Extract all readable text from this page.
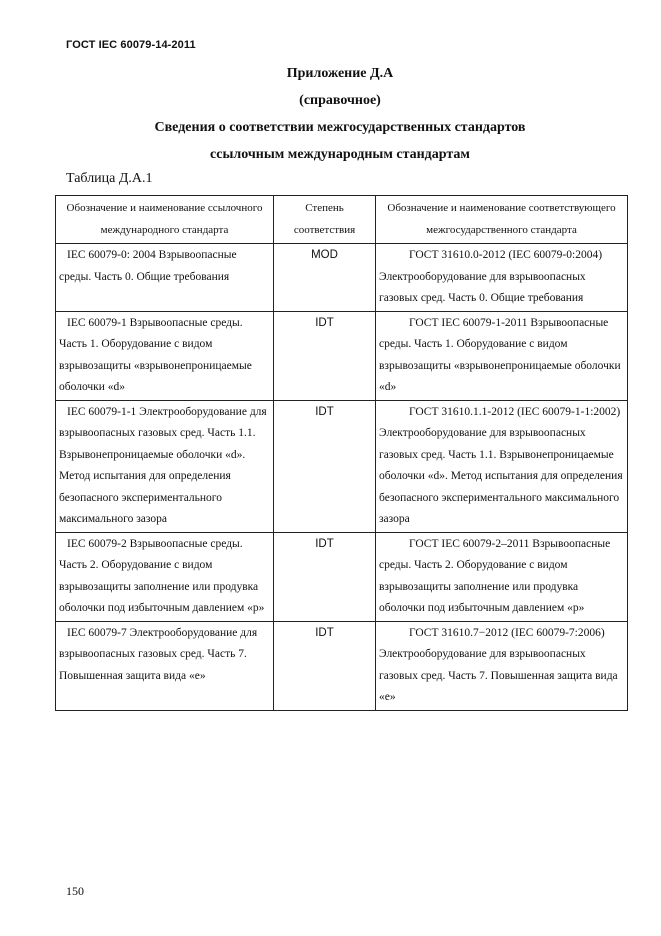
ГОСТ IEC 60079-14-2011
Приложение Д.А
(справочное)
Сведения о соответствии межгосударственных стандартов
ссылочным международным стандартам
Таблица Д.А.1
Обозначение и наименование ссылочного международного стандарта	Степень соответствия	Обозначение и наименование соответствующего межгосударственного стандарта
IEC 60079-0: 2004 Взрывоопасные среды. Часть 0. Общие требования	MOD	ГОСТ 31610.0-2012 (IEC 60079-0:2004) Электрооборудование для взрывоопасных газовых сред. Часть 0. Общие требования
IEC 60079-1 Взрывоопасные среды. Часть 1. Оборудование с видом взрывозащиты «взрывонепроницаемые оболочки «d»	IDT	ГОСТ IEC 60079-1-2011 Взрывоопасные среды. Часть 1. Оборудование с видом взрывозащиты «взрывонепроницаемые оболочки «d»
IEC 60079-1-1 Электрооборудование для взрывоопасных газовых сред. Часть 1.1. Взрывонепроницаемые оболочки «d». Метод испытания для определения безопасного экспериментального максимального зазора	IDT	ГОСТ 31610.1.1-2012 (IEC 60079-1-1:2002) Электрооборудование для взрывоопасных газовых сред. Часть 1.1. Взрывонепроницаемые оболочки «d». Метод испытания для определения безопасного экспериментального максимального зазора
IEC 60079-2 Взрывоопасные среды. Часть 2. Оборудование с видом взрывозащиты заполнение или продувка оболочки под избыточным давлением «p»	IDT	ГОСТ IEC 60079-2–2011 Взрывоопасные среды. Часть 2. Оборудование с видом взрывозащиты заполнение или продувка оболочки под избыточным давлением «p»
IEC 60079-7 Электрооборудование для взрывоопасных газовых сред. Часть 7. Повышенная защита вида «е»	IDT	ГОСТ 31610.7−2012 (IEC 60079-7:2006) Электрооборудование для взрывоопасных газовых сред. Часть 7. Повышенная защита вида «е»
150
